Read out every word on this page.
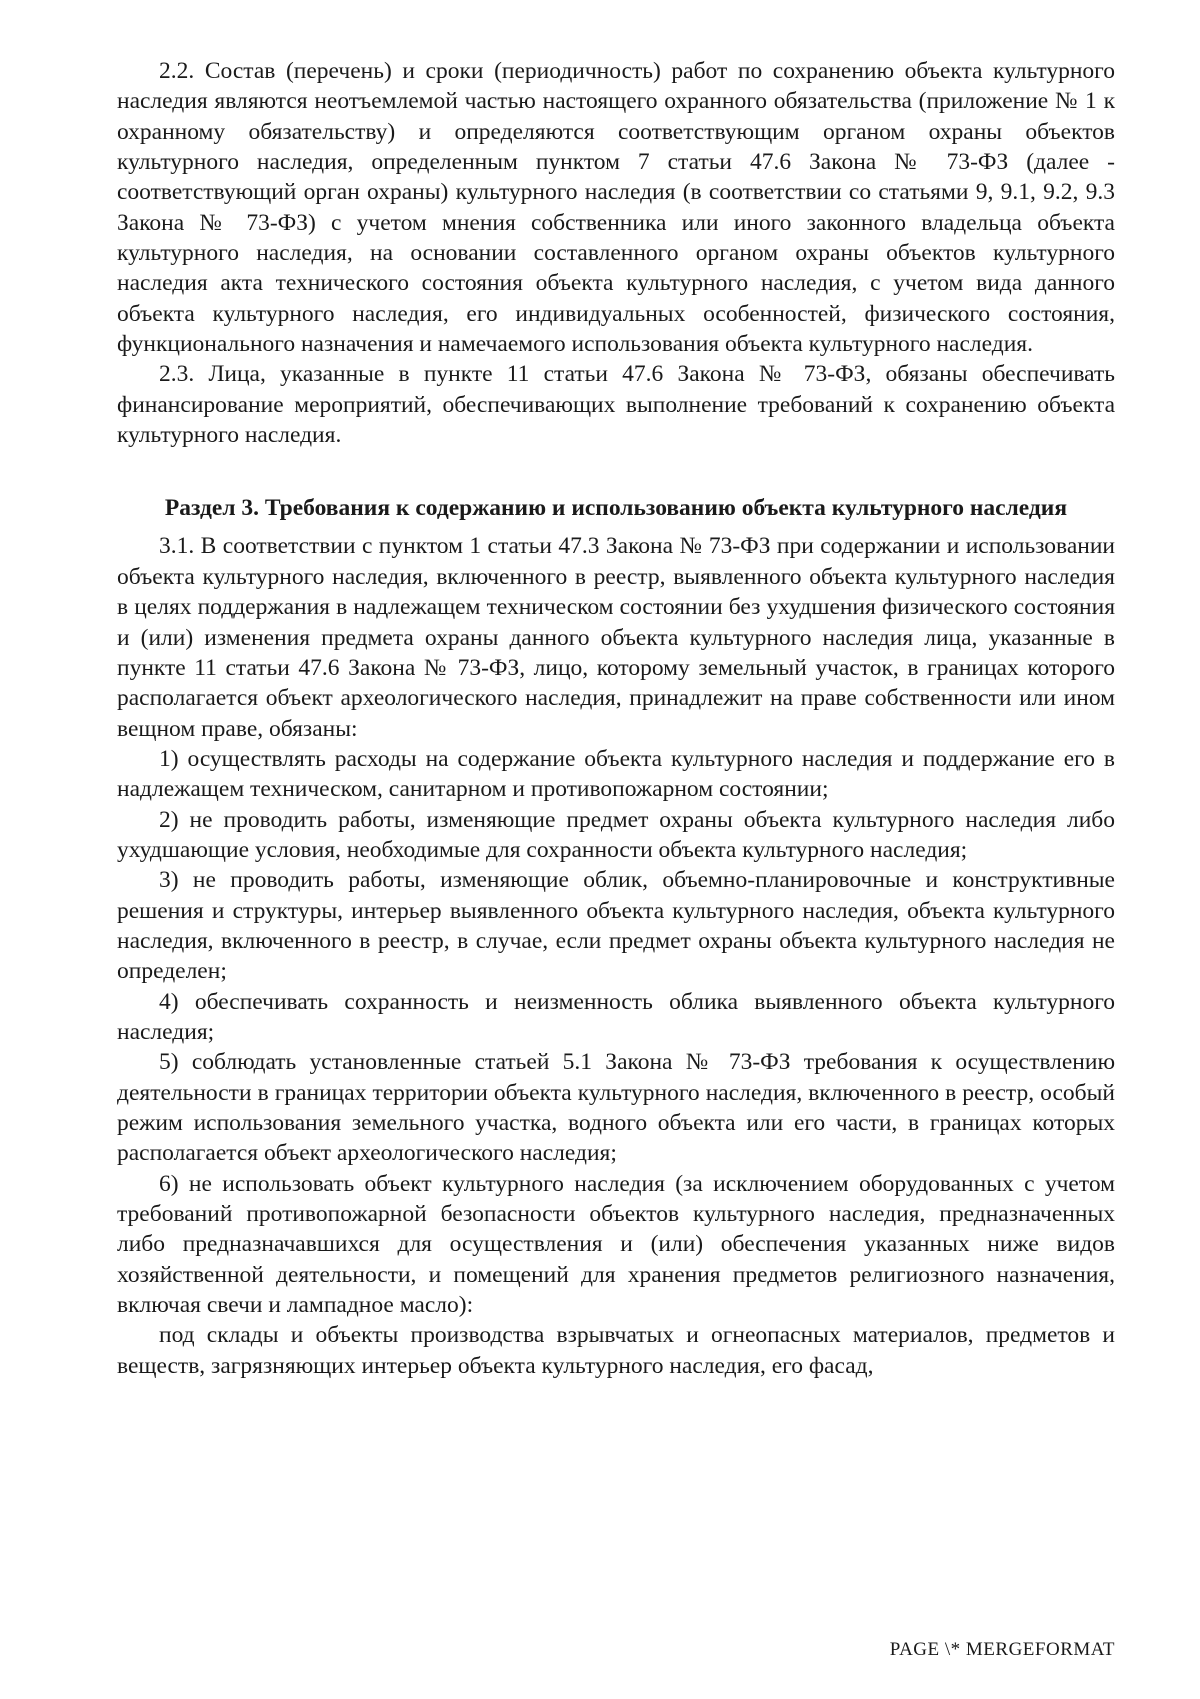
2.2. Состав (перечень) и сроки (периодичность) работ по сохранению объекта культурного наследия являются неотъемлемой частью настоящего охранного обязательства (приложение № 1 к охранному обязательству) и определяются соответствующим органом охраны объектов культурного наследия, определенным пунктом 7 статьи 47.6 Закона № 73-ФЗ (далее - соответствующий орган охраны) культурного наследия (в соответствии со статьями 9, 9.1, 9.2, 9.3 Закона № 73-ФЗ) с учетом мнения собственника или иного законного владельца объекта культурного наследия, на основании составленного органом охраны объектов культурного наследия акта технического состояния объекта культурного наследия, с учетом вида данного объекта культурного наследия, его индивидуальных особенностей, физического состояния, функционального назначения и намечаемого использования объекта культурного наследия.

2.3. Лица, указанные в пункте 11 статьи 47.6 Закона № 73-ФЗ, обязаны обеспечивать финансирование мероприятий, обеспечивающих выполнение требований к сохранению объекта культурного наследия.

Раздел 3. Требования к содержанию и использованию объекта культурного наследия

3.1. В соответствии с пунктом 1 статьи 47.3 Закона № 73-ФЗ при содержании и использовании объекта культурного наследия, включенного в реестр, выявленного объекта культурного наследия в целях поддержания в надлежащем техническом состоянии без ухудшения физического состояния и (или) изменения предмета охраны данного объекта культурного наследия лица, указанные в пункте 11 статьи 47.6 Закона № 73-ФЗ, лицо, которому земельный участок, в границах которого располагается объект археологического наследия, принадлежит на праве собственности или ином вещном праве, обязаны:

1) осуществлять расходы на содержание объекта культурного наследия и поддержание его в надлежащем техническом, санитарном и противопожарном состоянии;

2) не проводить работы, изменяющие предмет охраны объекта культурного наследия либо ухудшающие условия, необходимые для сохранности объекта культурного наследия;

3) не проводить работы, изменяющие облик, объемно-планировочные и конструктивные решения и структуры, интерьер выявленного объекта культурного наследия, объекта культурного наследия, включенного в реестр, в случае, если предмет охраны объекта культурного наследия не определен;

4) обеспечивать сохранность и неизменность облика выявленного объекта культурного наследия;

5) соблюдать установленные статьей 5.1 Закона № 73-ФЗ требования к осуществлению деятельности в границах территории объекта культурного наследия, включенного в реестр, особый режим использования земельного участка, водного объекта или его части, в границах которых располагается объект археологического наследия;

6) не использовать объект культурного наследия (за исключением оборудованных с учетом требований противопожарной безопасности объектов культурного наследия, предназначенных либо предназначавшихся для осуществления и (или) обеспечения указанных ниже видов хозяйственной деятельности, и помещений для хранения предметов религиозного назначения, включая свечи и лампадное масло):

под склады и объекты производства взрывчатых и огнеопасных материалов, предметов и веществ, загрязняющих интерьер объекта культурного наследия, его фасад,

PAGE \* MERGEFORMAT
